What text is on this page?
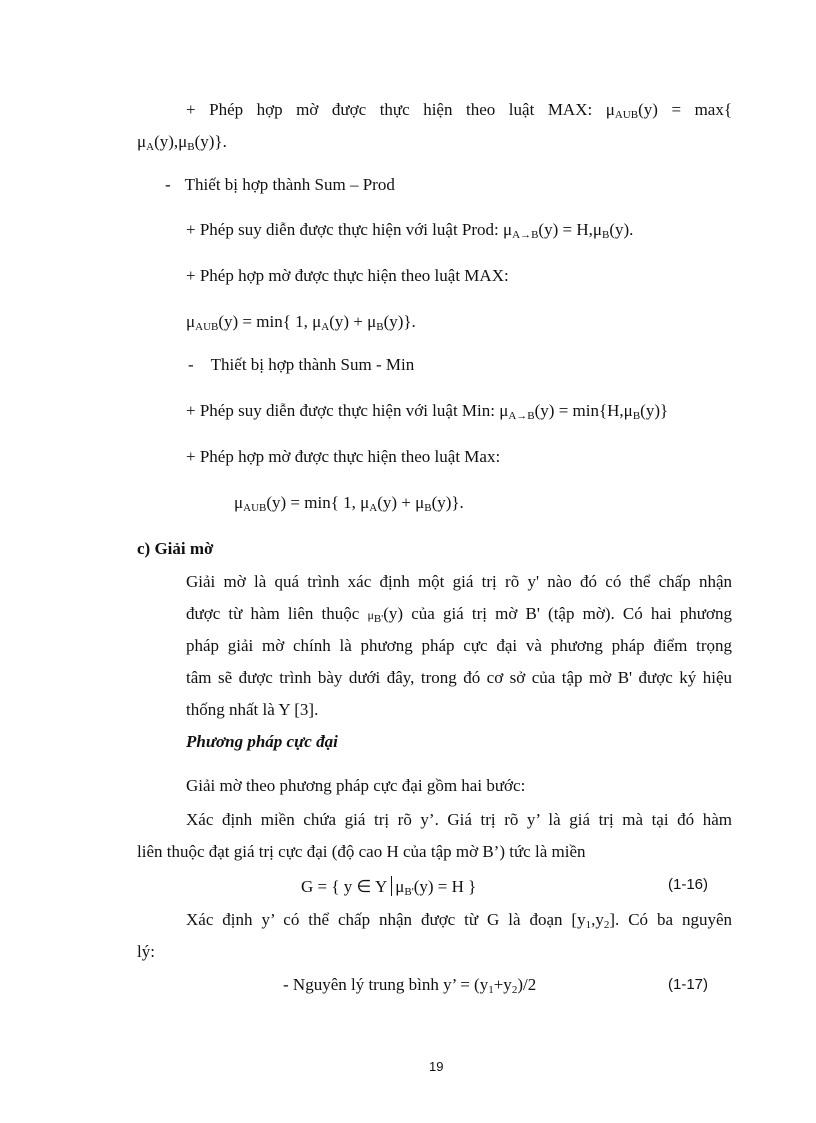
+ Phép hợp mờ được thực hiện theo luật MAX: $\mu_{AUB}(y) = \max${
$\mu_A(y),\mu_B(y)$}.
- Thiết bị hợp thành Sum – Prod
+ Phép suy diễn được thực hiện với luật Prod: $\mu_{A\to B}(y) = H,\mu_B(y)$.
+ Phép hợp mờ được thực hiện theo luật MAX:
$\mu_{AUB}(y) = \min${ 1, $\mu_A(y) + \mu_B(y)$}.
- Thiết bị hợp thành Sum - Min
+ Phép suy diễn được thực hiện với luật Min: $\mu_{A\to B}(y) = \min\{H,\mu_B(y)\}$
+ Phép hợp mờ được thực hiện theo luật Max:
$\mu_{AUB}(y) = \min${ 1, $\mu_A(y) + \mu_B(y)$}.
c) Giải mờ
Giải mờ là quá trình xác định một giá trị rõ y' nào đó có thể chấp nhận
được từ hàm liên thuộc $\mu_{B'}(y)$ của giá trị mờ B' (tập mờ). Có hai phương
pháp giải mờ chính là phương pháp cực đại và phương pháp điểm trọng
tâm sẽ được trình bày dưới đây, trong đó cơ sở của tập mờ B' được ký hiệu
thống nhất là Y [3].
Phương pháp cực đại
Giải mờ theo phương pháp cực đại gồm hai bước:
Xác định miền chứa giá trị rõ y’. Giá trị rõ y’ là giá trị mà tại đó hàm
liên thuộc đạt giá trị cực đại (độ cao H của tập mờ B’) tức là miền
G = { y ∈ Y $\mu_{B'}(y) = H$ }	(1-16)
Xác định y’ có thể chấp nhận được từ G là đoạn $[y_1,y_2]$. Có ba nguyên
lý:
- Nguyên lý trung bình y’ = $(y_1+y_2)/2$	(1-17)
19
